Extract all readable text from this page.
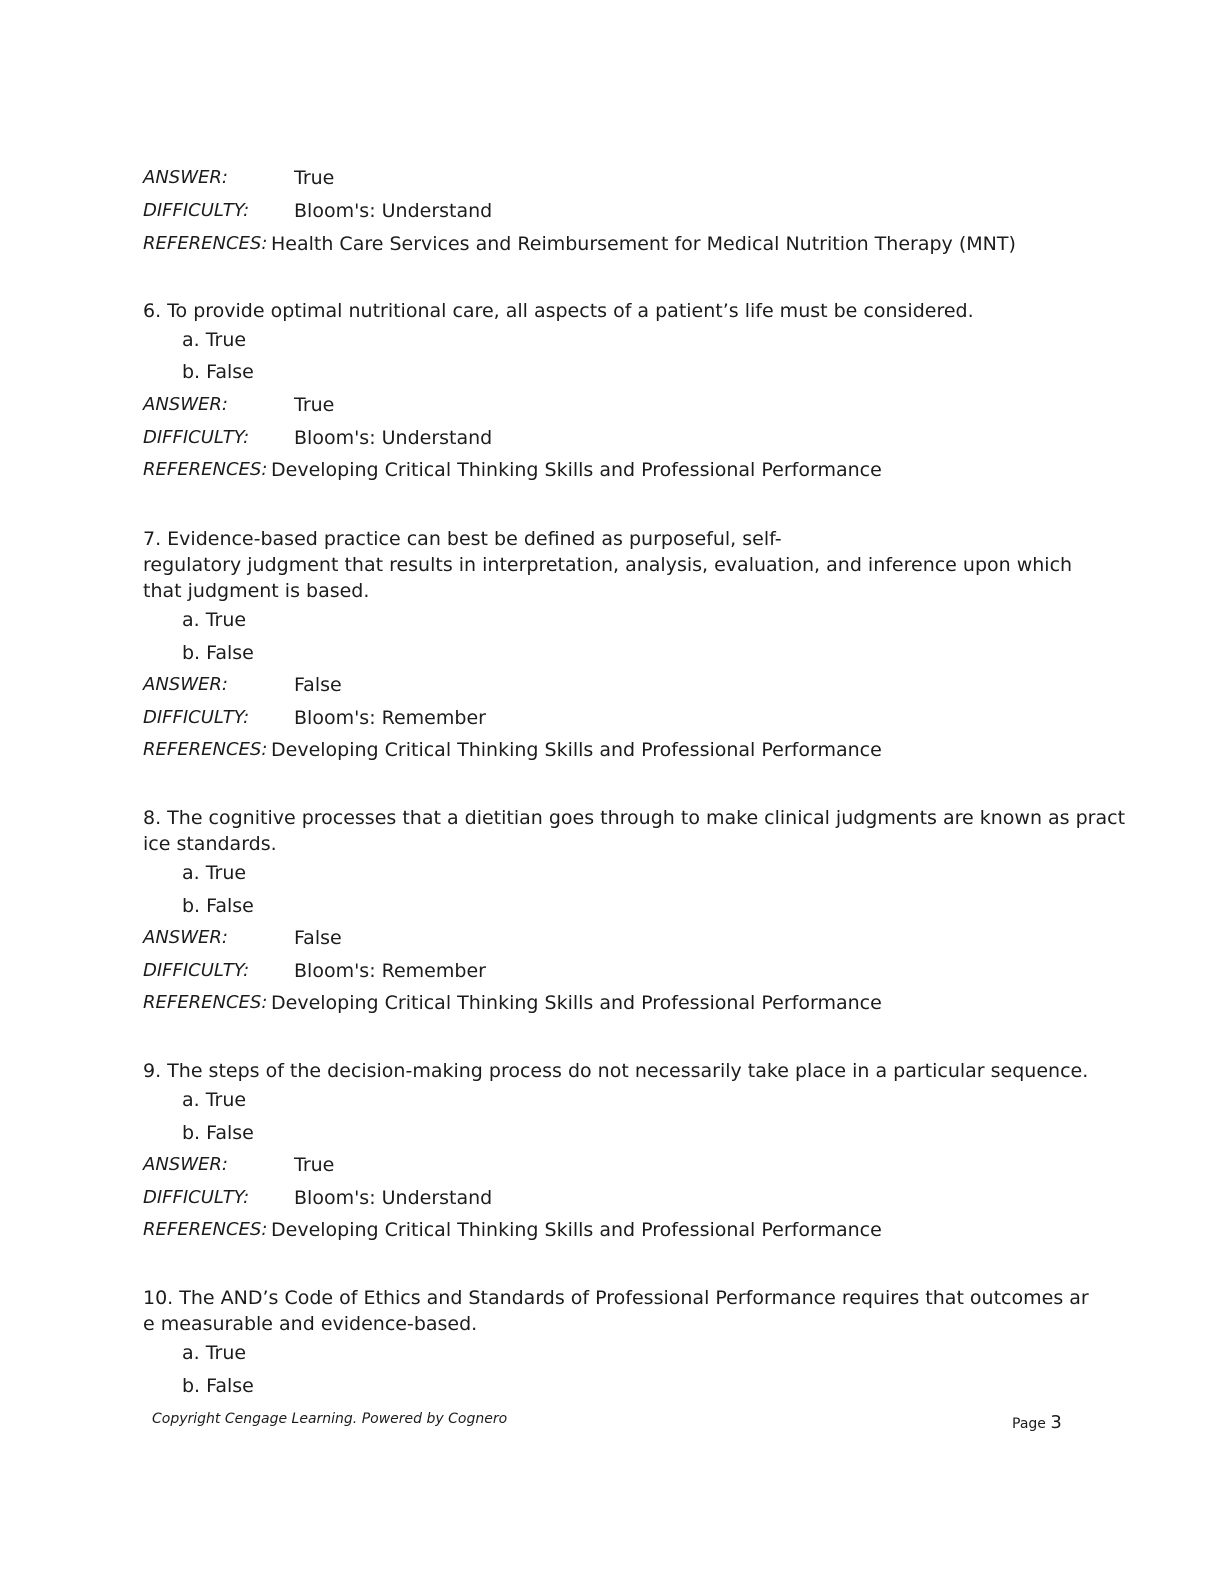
ANSWER:	True
DIFFICULTY: Bloom's: Understand
REFERENCES: Health Care Services and Reimbursement for Medical Nutrition Therapy (MNT)
6. To provide optimal nutritional care, all aspects of a patient’s life must be considered.
a. True
b. False
ANSWER:	True
DIFFICULTY: Bloom's: Understand
REFERENCES: Developing Critical Thinking Skills and Professional Performance
7. Evidence-based practice can best be defined as purposeful, self-
regulatory judgment that results in interpretation, analysis, evaluation, and inference upon which
that judgment is based.
a. True
b. False
ANSWER:	False
DIFFICULTY: Bloom's: Remember
REFERENCES: Developing Critical Thinking Skills and Professional Performance
8. The cognitive processes that a dietitian goes through to make clinical judgments are known as pract
ice standards.
a. True
b. False
ANSWER:	False
DIFFICULTY: Bloom's: Remember
REFERENCES: Developing Critical Thinking Skills and Professional Performance
9. The steps of the decision-making process do not necessarily take place in a particular sequence.
a. True
b. False
ANSWER:	True
DIFFICULTY: Bloom's: Understand
REFERENCES: Developing Critical Thinking Skills and Professional Performance
10. The AND’s Code of Ethics and Standards of Professional Performance requires that outcomes ar
e measurable and evidence-based.
a. True
b. False
Copyright Cengage Learning. Powered by Cognero	Page 3
